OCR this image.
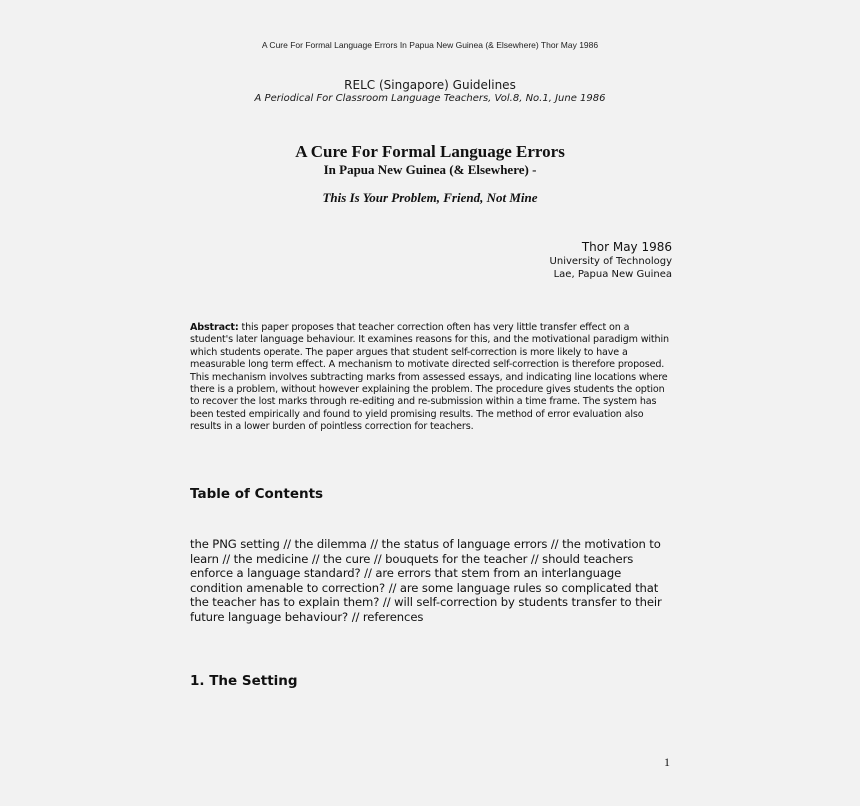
A Cure For Formal Language Errors In Papua New Guinea (& Elsewhere) Thor May 1986
RELC (Singapore) Guidelines
A Periodical For Classroom Language Teachers, Vol.8, No.1, June 1986
A Cure For Formal Language Errors
In Papua New Guinea (& Elsewhere) -
This Is Your Problem, Friend, Not Mine
Thor May 1986
University of Technology
Lae, Papua New Guinea
Abstract: this paper proposes that teacher correction often has very little transfer effect on a student's later language behaviour. It examines reasons for this, and the motivational paradigm within which students operate. The paper argues that student self-correction is more likely to have a measurable long term effect. A mechanism to motivate directed self-correction is therefore proposed. This mechanism involves subtracting marks from assessed essays, and indicating line locations where there is a problem, without however explaining the problem. The procedure gives students the option to recover the lost marks through re-editing and re-submission within a time frame. The system has been tested empirically and found to yield promising results. The method of error evaluation also results in a lower burden of pointless correction for teachers.
Table of Contents
the PNG setting // the dilemma // the status of language errors // the motivation to learn // the medicine // the cure // bouquets for the teacher // should teachers enforce a language standard? // are errors that stem from an interlanguage condition amenable to correction? // are some language rules so complicated that the teacher has to explain them? // will self-correction by students transfer to their future language behaviour? // references
1. The Setting
1
